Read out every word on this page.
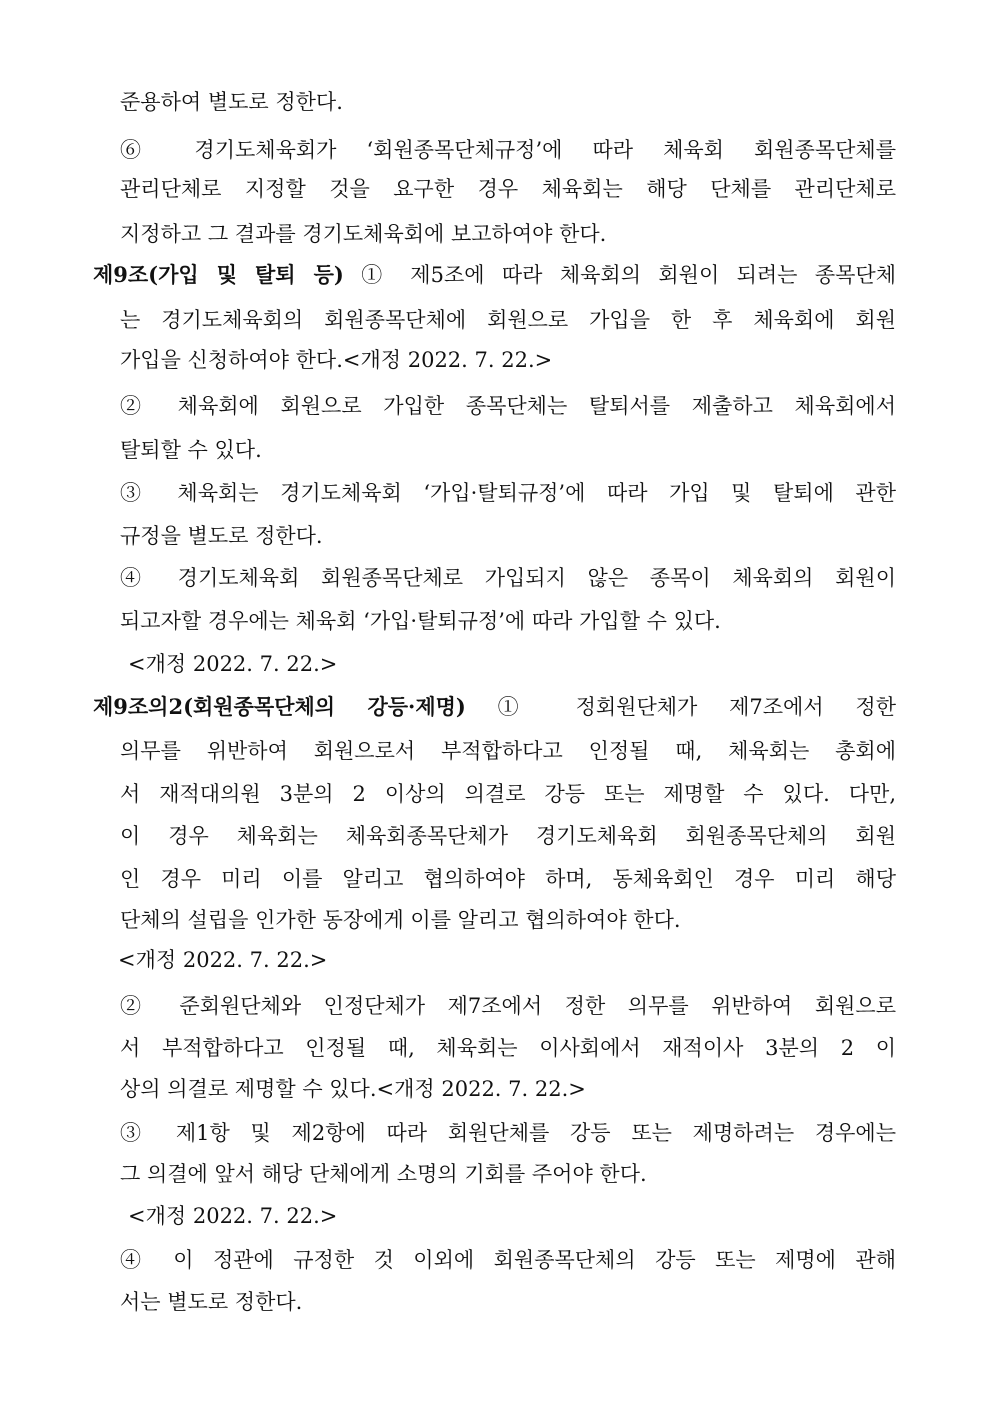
준용하여 별도로 정한다.
⑥ 경기도체육회가 ‘회원종목단체규정’에 따라 체육회 회원종목단체를
관리단체로 지정할 것을 요구한 경우 체육회는 해당 단체를 관리단체로
지정하고 그 결과를 경기도체육회에 보고하여야 한다.
제9조(가입 및 탈퇴 등) ① 제5조에 따라 체육회의 회원이 되려는 종목단체
는 경기도체육회의 회원종목단체에 회원으로 가입을 한 후 체육회에 회원
가입을 신청하여야 한다.<개정 2022. 7. 22.>
② 체육회에 회원으로 가입한 종목단체는 탈퇴서를 제출하고 체육회에서
탈퇴할 수 있다.
③ 체육회는 경기도체육회 ‘가입·탈퇴규정’에 따라 가입 및 탈퇴에 관한
규정을 별도로 정한다.
④ 경기도체육회 회원종목단체로 가입되지 않은 종목이 체육회의 회원이
되고자할 경우에는 체육회 ‘가입·탈퇴규정’에 따라 가입할 수 있다.
<개정 2022. 7. 22.>
제9조의2(회원종목단체의 강등·제명) ① 정회원단체가 제7조에서 정한
의무를 위반하여 회원으로서 부적합하다고 인정될 때, 체육회는 총회에
서 재적대의원 3분의 2 이상의 의결로 강등 또는 제명할 수 있다. 다만,
이 경우 체육회는 체육회종목단체가 경기도체육회 회원종목단체의 회원
인 경우 미리 이를 알리고 협의하여야 하며, 동체육회인 경우 미리 해당
단체의 설립을 인가한 동장에게 이를 알리고 협의하여야 한다.
<개정 2022. 7. 22.>
② 준회원단체와 인정단체가 제7조에서 정한 의무를 위반하여 회원으로
서 부적합하다고 인정될 때, 체육회는 이사회에서 재적이사 3분의 2 이
상의 의결로 제명할 수 있다.<개정 2022. 7. 22.>
③ 제1항 및 제2항에 따라 회원단체를 강등 또는 제명하려는 경우에는
그 의결에 앞서 해당 단체에게 소명의 기회를 주어야 한다.
<개정 2022. 7. 22.>
④ 이 정관에 규정한 것 이외에 회원종목단체의 강등 또는 제명에 관해
서는 별도로 정한다.
